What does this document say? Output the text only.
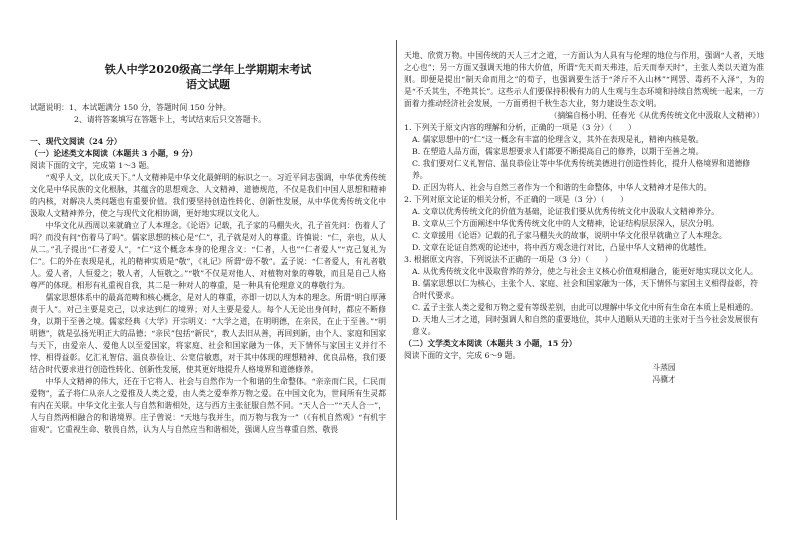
铁人中学2020级高二学年上学期期末考试
语文试题

试题说明：1、本试题满分 150 分，答题时间 150 分钟。

2、请将答案填写在答题卡上，考试结束后只交答题卡。

一、现代文阅读（24 分）

（一）论述类文本阅读（本题共 3 小题，9 分）

阅读下面的文字，完成第 1～3 题。

“观乎人文，以化成天下。”人文精神是中华文化最鲜明的标识之一。习近平同志强调，中华优秀传统文化是中华民族的文化根脉，其蕴含的思想观念、人文精神、道德规范，不仅是我们中国人思想和精神的内核，对解决人类问题也有重要价值。我们要坚持创造性转化、创新性发展，从中华优秀传统文化中汲取人文精神养分，使之与现代文化相协调，更好地实现以文化人。

中华文化从西周以来就确立了人本理念。《论语》记载，孔子家的马棚失火，孔子首先问：伤着人了吗？而没有问“伤着马了吗”。儒家思想的核心是“仁”，孔子就是对人的尊重。许慎说：“仁，亲也，从人从二。”孔子提出“仁者爱人”，“仁”这个概念本身的伦理含义：“仁者，人也”“仁者爱人”“克己复礼为仁”。仁的外在表现是礼，礼的精神实质是“敬”，《礼记》所谓“毋不敬”。孟子说：“仁者爱人，有礼者敬人。爱人者，人恒爱之；敬人者，人恒敬之。”“敬”不仅是对他人、对植物对象的尊敬，而且是自己人格尊严的体现。相形有礼重视自我，其二是一种对人的尊重，是一种具有伦理意义的尊敬行为。

儒家思想体系中的最高范畴和核心概念，是对人的尊重，亦即一切以人为本的理念。所谓“明白厚薄责于人”。对己主要是克己，以求达到仁的境界；对人主要是爱人。每个人无论出身何时，都应不断修身，以期于至善之境。儒家经典《大学》开宗明义：“大学之道，在明明德，在亲民，在止于至善。”“明明德”，就是弘扬光明正大的品德；“亲民”包括“新民”，教人去旧从善，再回到新，由个人、家庭和国家与天下，由爱亲人、爱他人以至爱国家，将家庭、社会和国家融为一体，天下情怀与家国主义并行不悖、相得益彰。亿汇礼智信、温良恭俭让、公宽信敏惠，对于其中体现的理想精神、优良品格，我们要结合时代要求进行创造性转化、创新性发展，使其更好地提升人格境界和道德修养。

中华人文精神的伟大，还在于它将人、社会与自然作为一个和谐的生命整体。“亲亲而仁民，仁民而爱物”，孟子将仁从亲人之爱推及人类之爱，由人类之爱奉养万物之爱。在中国文化为，世间所有生灵都有内在关联。中华文化主张人与自然和谐相处，这与西方主张征服自然不同。“天人合一”“天人合一”，人与自然两相融合的和谐境界。庄子曾说：“天地与我并生，而万物与我为一”（《有机自然观》“有机宇宙观”。它重视生命、敬畏自然，认为人与自然应当和谐相处，强调人应当尊重自然、敬畏

天地、欣赏万物。中国传统的天人三才之道，一方面认为人具有与伦理的地位与作用，强调“人者，天地之心也”；另一方面又强调天地的伟大价值，所谓“先天而天弗违，后天而奉天时”，主张人类以天道为准则。即便是提出“制天命而用之”的荀子，也强调要生活于“斧斤不入山林”“网罟、毒药不入泽”，为的是“不夭其生，不绝其长”。这些示人们要保持积极有力的人生观与生态环境和持续自然观统一起来，一方面着力推动经济社会发展，一方面勇担千秋生态大业，努力建设生态文明。

（摘编自杨小明、任春光《从优秀传统文化中汲取人文精神》）

1. 下列关于原文内容的理解和分析，正确的一项是（3 分）（　　）

A. 儒家思想中的“仁”这一概念有丰富的伦理含义，其外在表现是礼，精神内核是敬。

B. 在塑造人品方面，儒家思想要求人们都要不断提高自己的修养，以期于至善之境。

C. 我们要对仁义礼智信、温良恭俭让等中华优秀传统美德进行创造性转化，提升人格境界和道德修养。

D. 正因为将人、社会与自然三者作为一个和谐的生命整体，中华人文精神才是伟大的。

2. 下列对原文论证的相关分析，不正确的一项是（3 分）（　　）

A. 文章以优秀传统文化的价值为基础，论证我们要从优秀传统文化中汲取人文精神养分。

B. 文章从三个方面阐述中华优秀传统文化中的人文精神，论证结构层层深入，层次分明。

C. 文章援用《论语》记载的孔子家马棚失火的故事，说明中华文化很早就确立了人本理念。

D. 文章在论证自然观的论述中，将中西方观念进行对比，凸显中华人文精神的优越性。

3. 根据原文内容，下列说法不正确的一项是（3 分）（　　）

A. 从优秀传统文化中汲取营养的养分，使之与社会主义核心价值观相融合，能更好地实现以文化人。

B. 儒家思想以仁为核心，主张个人、家庭、社会和国家融为一体，天下情怀与家国主义相得益彰，符合时代要求。

C. 孟子主张人类之爱和万物之爱有等级差别，由此可以理解中华文化中所有生命在本质上是相通的。

D. 天地人三才之道，同时强调人和自然的重要地位，其中人道顺从天道的主张对于当今社会发展很有意义。

（二）文学类文本阅读（本题共 3 小题，15 分）

阅读下面的文字，完成 6～9 题。

斗蒸园

冯骥才
